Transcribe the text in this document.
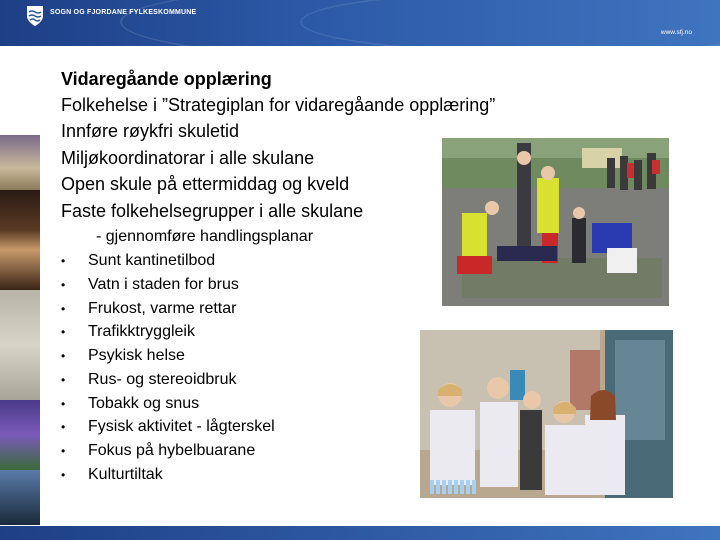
SOGN OG FJORDANE FYLKESKOMMUNE
www.sfj.no
Vidaregåande opplæring
Folkehelse i ”Strategiplan for vidaregåande opplæring”
Innføre røykfri skuletid
Miljøkoordinatorar i alle skulane
Open skule på ettermiddag og kveld
Faste folkehelsegrupper i alle skulane
- gjennomføre handlingsplanar
• Sunt kantinetilbod
• Vatn i staden for brus
• Frukost, varme rettar
• Trafikktryggleik
• Psykisk helse
• Rus- og stereoidbruk
• Tobakk og snus
• Fysisk aktivitet - lågterskel
• Fokus på hybelbuarane
• Kulturtiltak
